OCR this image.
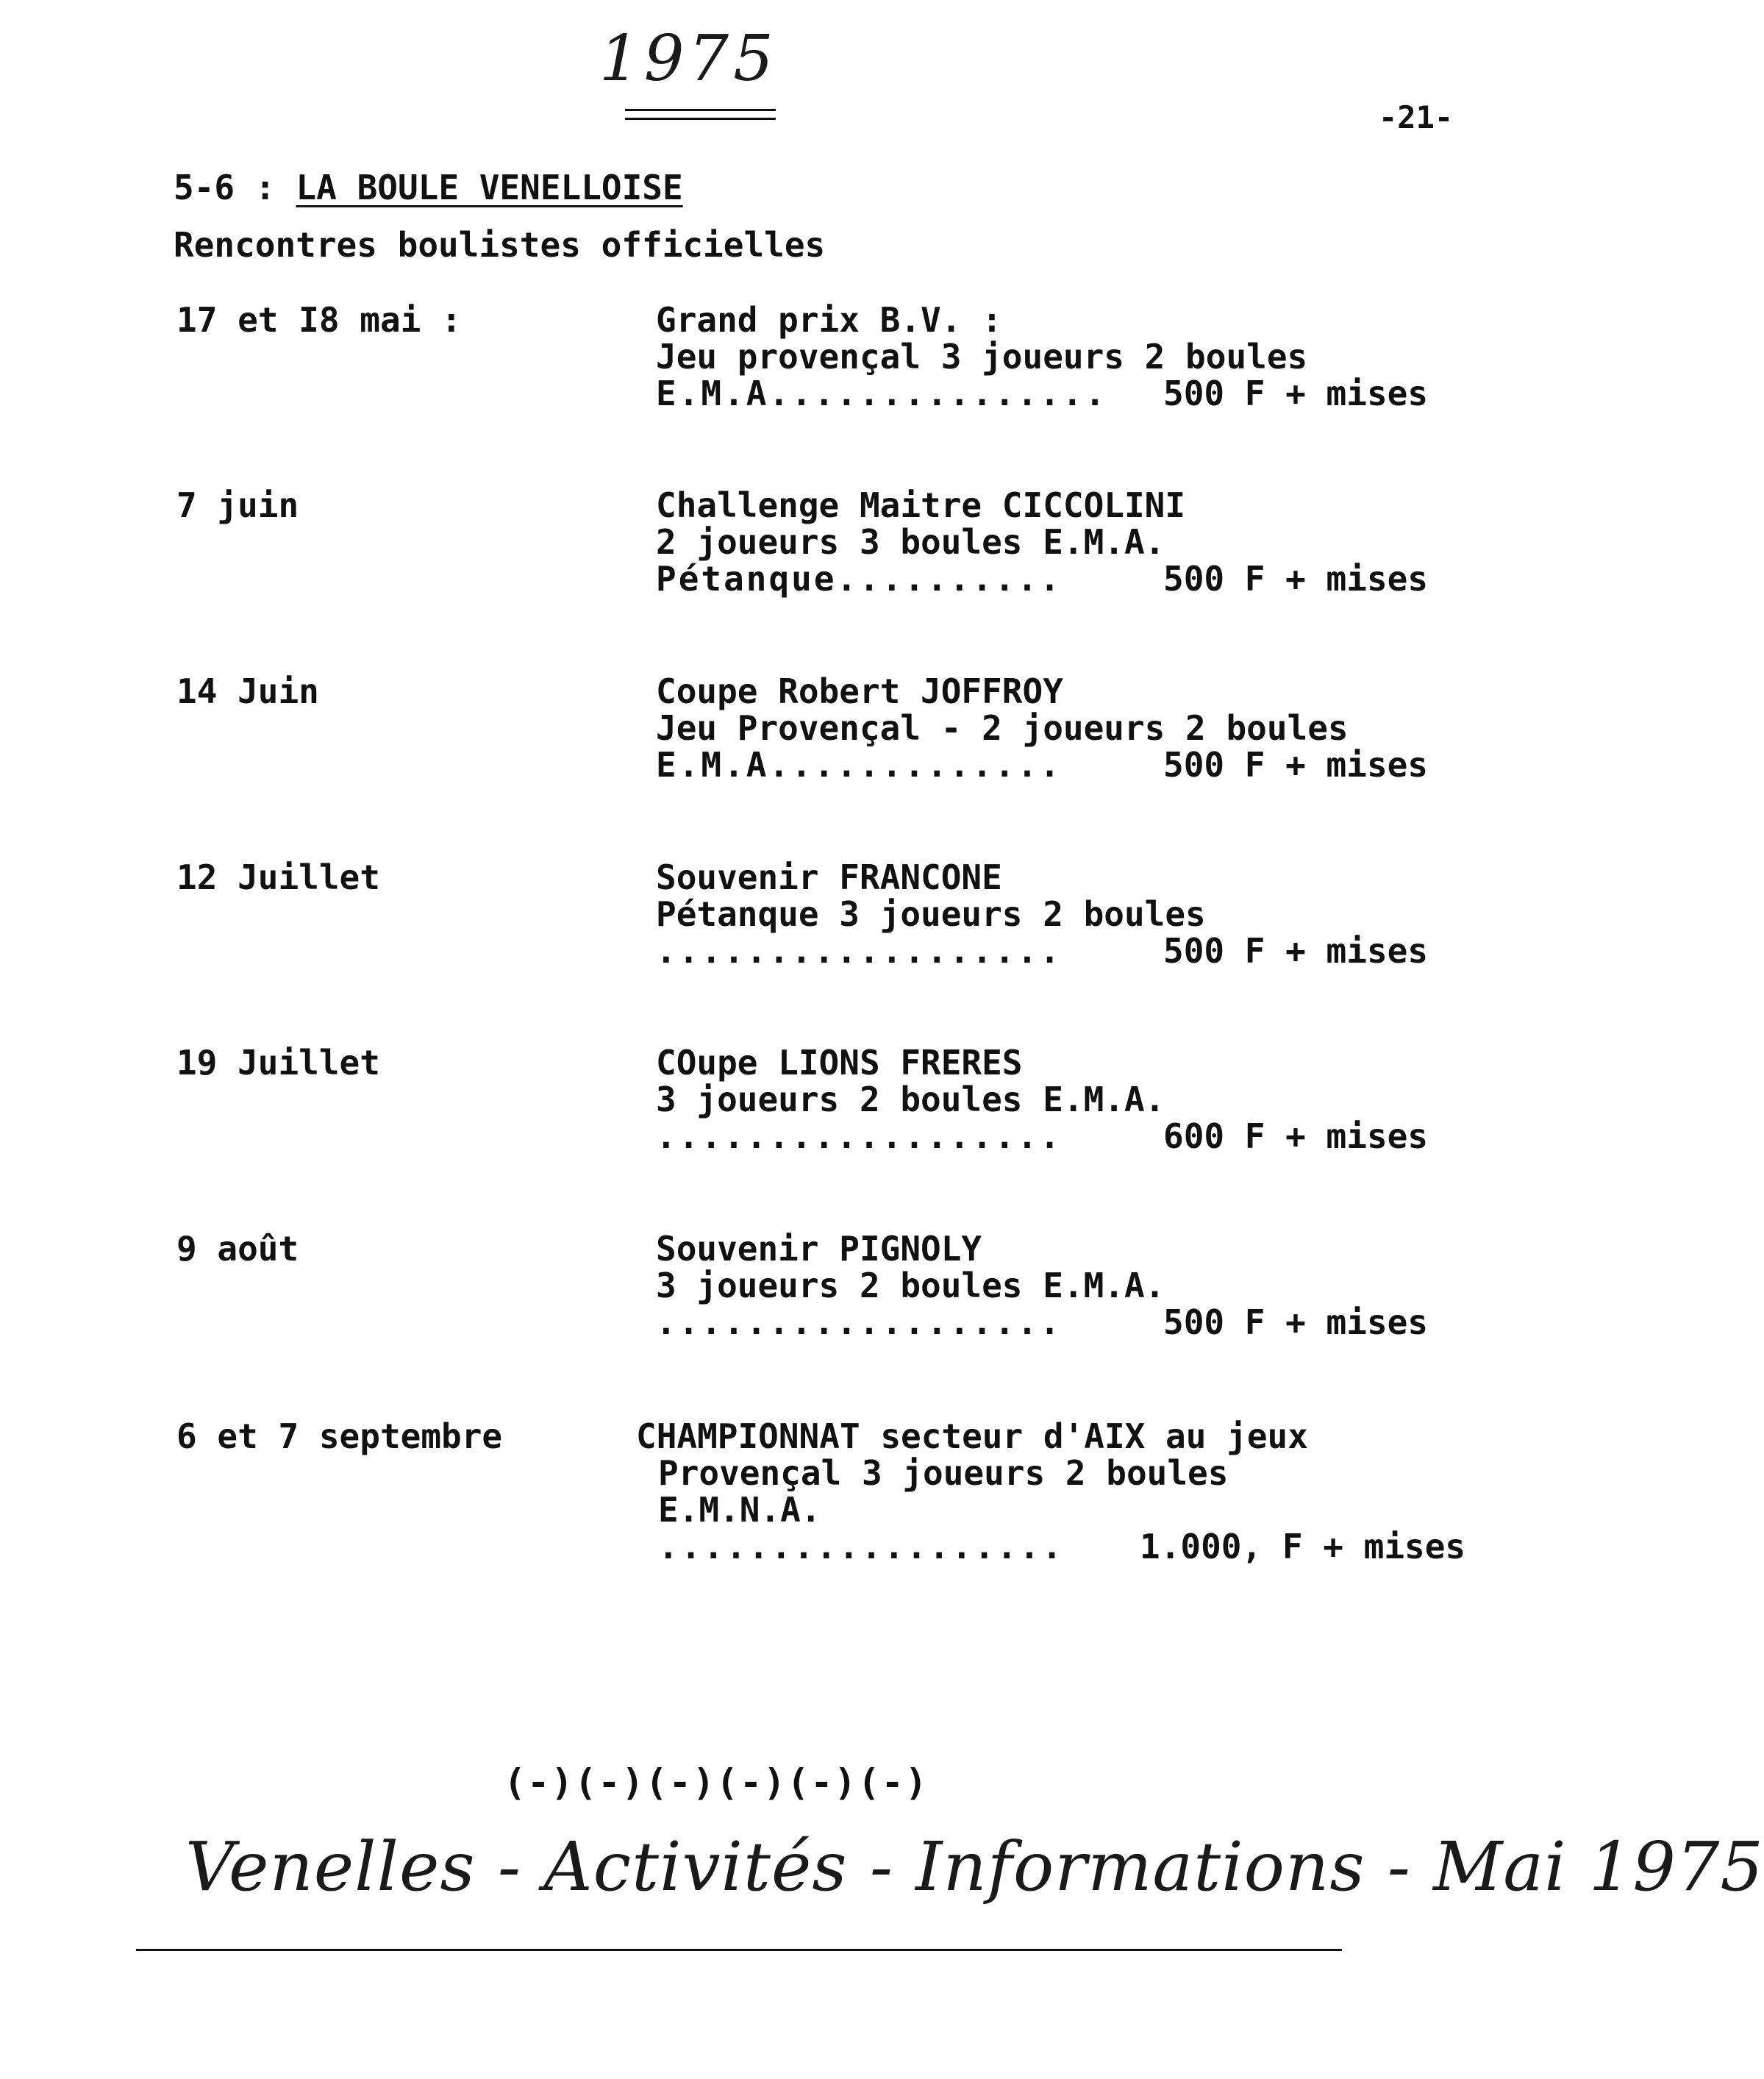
1975
-21-
5-6 : LA BOULE VENELLOISE
Rencontres boulistes officielles
17 et I8 mai :	Grand prix B.V. :
Jeu provençal 3 joueurs 2 boules
E.M.A............... 500 F + mises
7 juin	Challenge Maitre CICCOLINI
2 joueurs 3 boules E.M.A.
Pétanque..........	500 F + mises
14 Juin	Coupe Robert JOFFROY
Jeu Provençal - 2 joueurs 2 boules
E.M.A.............	500 F + mises
12 Juillet	Souvenir FRANCONE
Pétanque 3 joueurs 2 boules
..................	500 F + mises
19 Juillet	COupe LIONS FRERES
3 joueurs 2 boules E.M.A.
..................	600 F + mises
9 août	Souvenir PIGNOLY
3 joueurs 2 boules E.M.A.
..................	500 F + mises
6 et 7 septembre	CHAMPIONNAT secteur d'AIX au jeux
Provençal 3 joueurs 2 boules
E.M.N.A.
.................. 1.000, F + mises
(-)(-)(-)(-)(-)(-)
Venelles - Activités - Informations - Mai 1975
